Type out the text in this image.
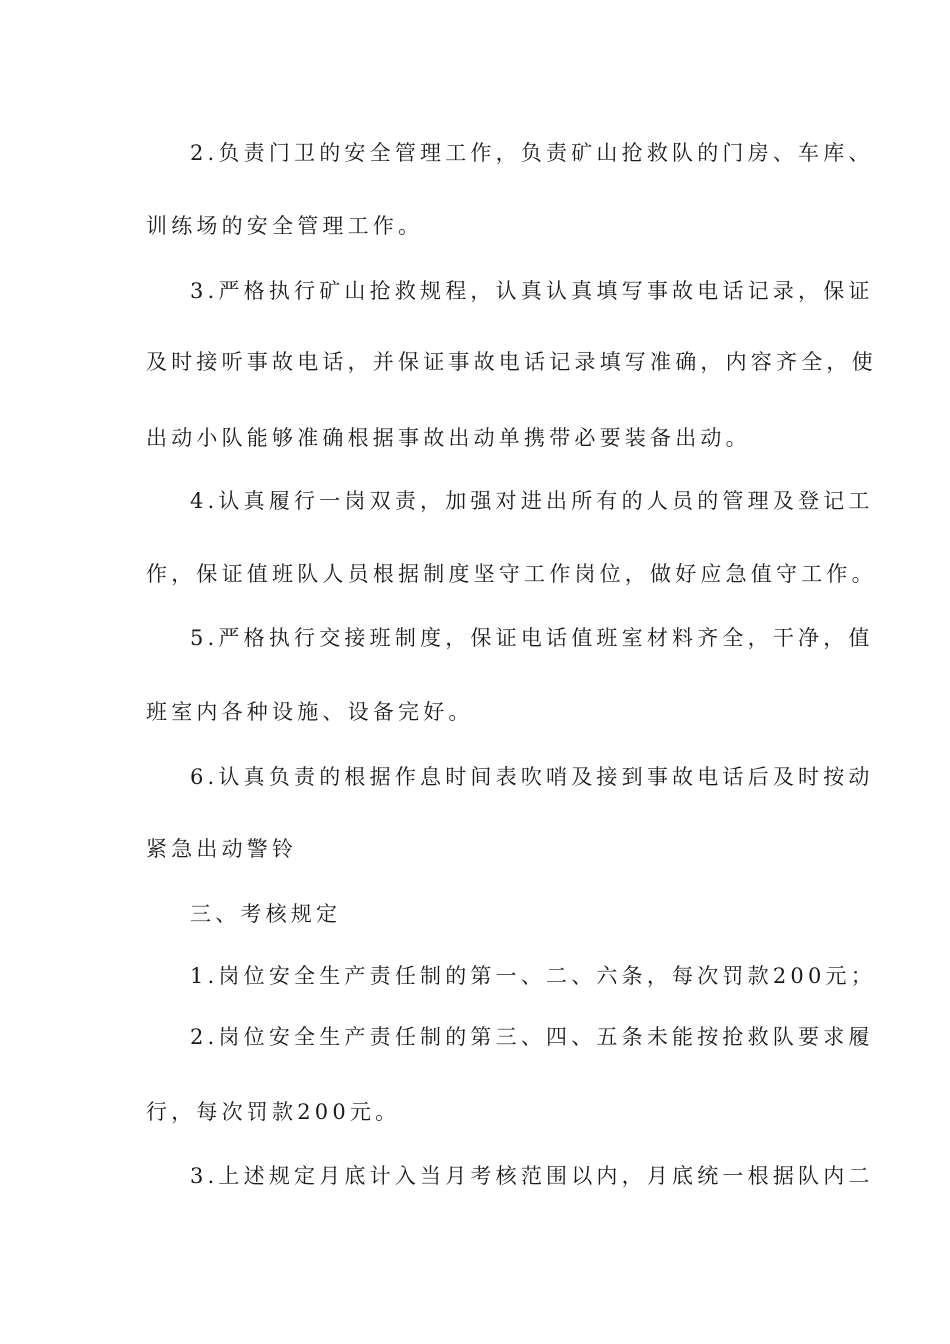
2.负责门卫的安全管理工作，负责矿山抢救队的门房、车库、
训练场的安全管理工作。
3.严格执行矿山抢救规程，认真认真填写事故电话记录，保证
及时接听事故电话，并保证事故电话记录填写准确，内容齐全，使
出动小队能够准确根据事故出动单携带必要装备出动。
4.认真履行一岗双责，加强对进出所有的人员的管理及登记工
作，保证值班队人员根据制度坚守工作岗位，做好应急值守工作。
5.严格执行交接班制度，保证电话值班室材料齐全，干净，值
班室内各种设施、设备完好。
6.认真负责的根据作息时间表吹哨及接到事故电话后及时按动
紧急出动警铃
三、考核规定
1.岗位安全生产责任制的第一、二、六条，每次罚款200元；
2.岗位安全生产责任制的第三、四、五条未能按抢救队要求履
行，每次罚款200元。
3.上述规定月底计入当月考核范围以内，月底统一根据队内二
